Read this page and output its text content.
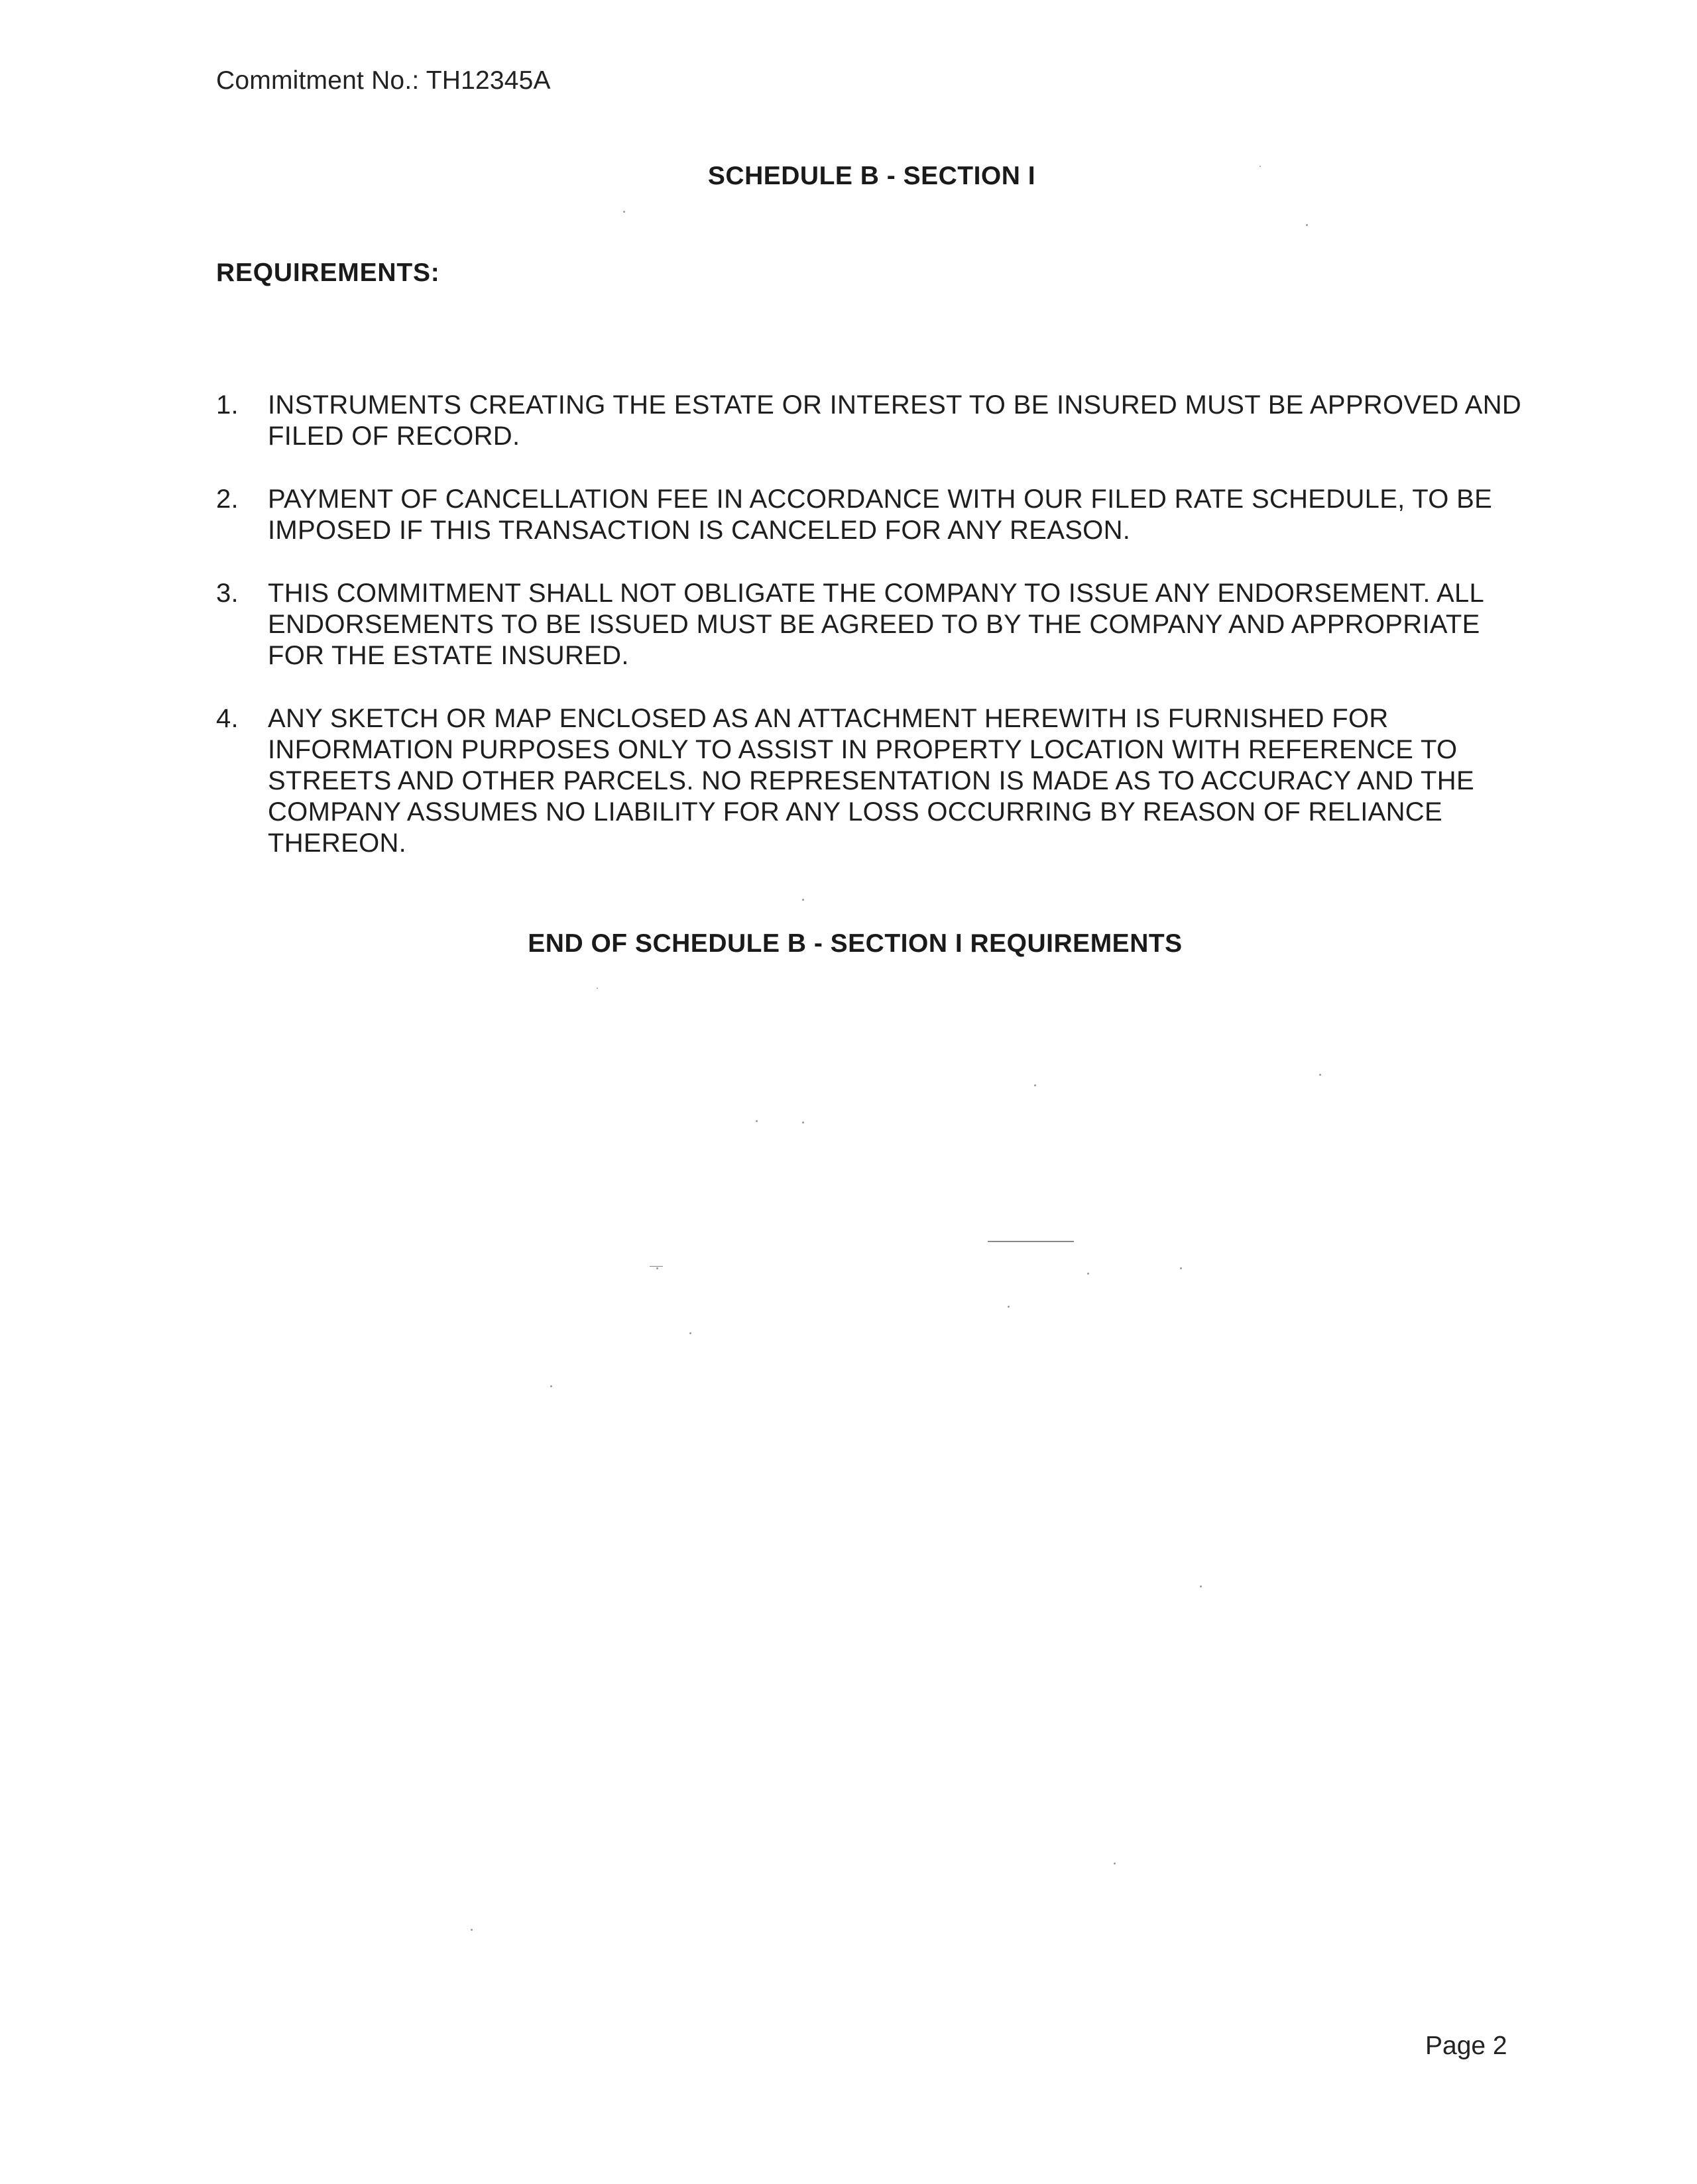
Commitment No.: TH12345A
SCHEDULE B - SECTION I
REQUIREMENTS:
1. INSTRUMENTS CREATING THE ESTATE OR INTEREST TO BE INSURED MUST BE APPROVED AND FILED OF RECORD.
2. PAYMENT OF CANCELLATION FEE IN ACCORDANCE WITH OUR FILED RATE SCHEDULE, TO BE IMPOSED IF THIS TRANSACTION IS CANCELED FOR ANY REASON.
3. THIS COMMITMENT SHALL NOT OBLIGATE THE COMPANY TO ISSUE ANY ENDORSEMENT. ALL ENDORSEMENTS TO BE ISSUED MUST BE AGREED TO BY THE COMPANY AND APPROPRIATE FOR THE ESTATE INSURED.
4. ANY SKETCH OR MAP ENCLOSED AS AN ATTACHMENT HEREWITH IS FURNISHED FOR INFORMATION PURPOSES ONLY TO ASSIST IN PROPERTY LOCATION WITH REFERENCE TO STREETS AND OTHER PARCELS. NO REPRESENTATION IS MADE AS TO ACCURACY AND THE COMPANY ASSUMES NO LIABILITY FOR ANY LOSS OCCURRING BY REASON OF RELIANCE THEREON.
END OF SCHEDULE B - SECTION I REQUIREMENTS
Page 2
